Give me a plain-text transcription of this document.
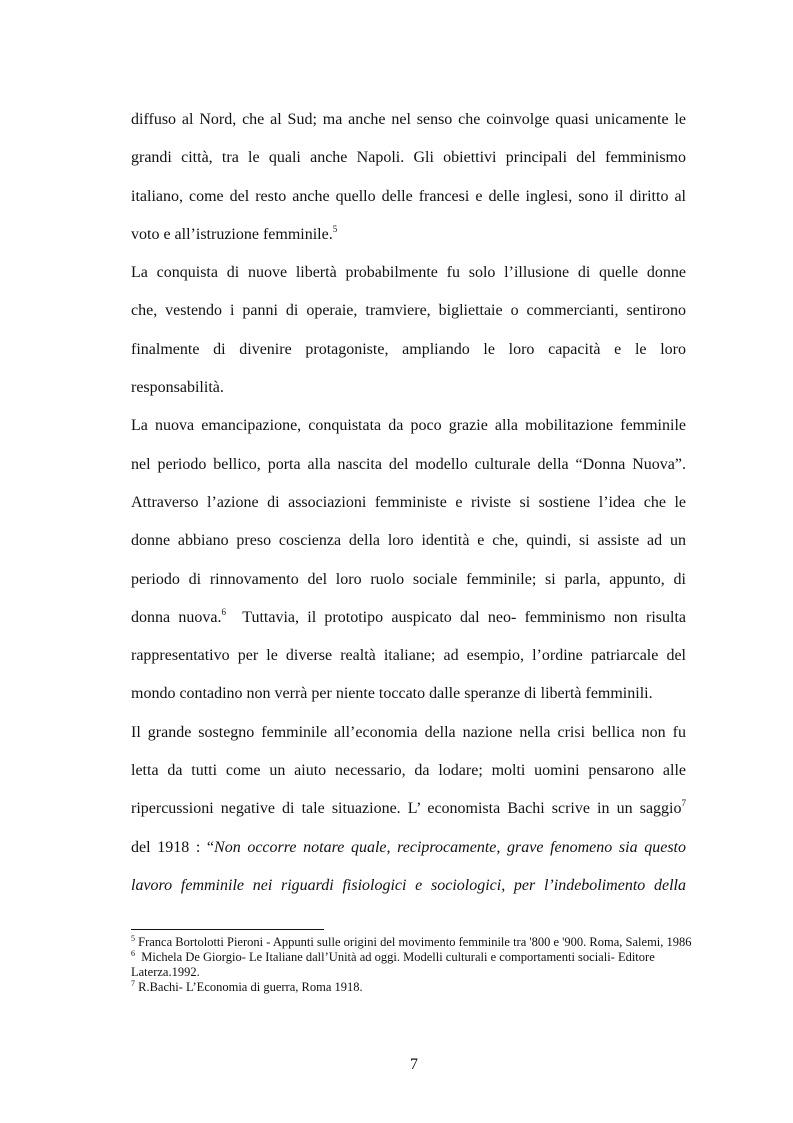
diffuso al Nord, che al Sud; ma anche nel senso che coinvolge quasi unicamente le
grandi città, tra le quali anche Napoli. Gli obiettivi principali del femminismo
italiano, come del resto anche quello delle francesi e delle inglesi, sono il diritto al
voto e all’istruzione femminile.$^5$

La conquista di nuove libertà probabilmente fu solo l’illusione di quelle donne
che, vestendo i panni di operaie, tramviere, bigliettaie o commercianti, sentirono
finalmente di divenire protagoniste, ampliando le loro capacità e le loro
responsabilità.

La nuova emancipazione, conquistata da poco grazie alla mobilitazione femminile
nel periodo bellico, porta alla nascita del modello culturale della “Donna Nuova”.
Attraverso l’azione di associazioni femministe e riviste si sostiene l’idea che le
donne abbiano preso coscienza della loro identità e che, quindi, si assiste ad un
periodo di rinnovamento del loro ruolo sociale femminile; si parla, appunto, di
donna nuova.$^6$  Tuttavia, il prototipo auspicato dal neo- femminismo non risulta
rappresentativo per le diverse realtà italiane; ad esempio, l’ordine patriarcale del
mondo contadino non verrà per niente toccato dalle speranze di libertà femminili.

Il grande sostegno femminile all’economia della nazione nella crisi bellica non fu
letta da tutti come un aiuto necessario, da lodare; molti uomini pensarono alle
ripercussioni negative di tale situazione. L’ economista Bachi scrive in un saggio$^7$
del 1918 : “Non occorre notare quale, reciprocamente, grave fenomeno sia questo
lavoro femminile nei riguardi fisiologici e sociologici, per l’indebolimento della

$^5$ Franca Bortolotti Pieroni - Appunti sulle origini del movimento femminile tra '800 e '900. Roma, Salemi, 1986

$^6$  Michela De Giorgio- Le Italiane dall’Unità ad oggi. Modelli culturali e comportamenti sociali- Editore Laterza.1992.

$^7$ R.Bachi- L’Economia di guerra, Roma 1918.

7
